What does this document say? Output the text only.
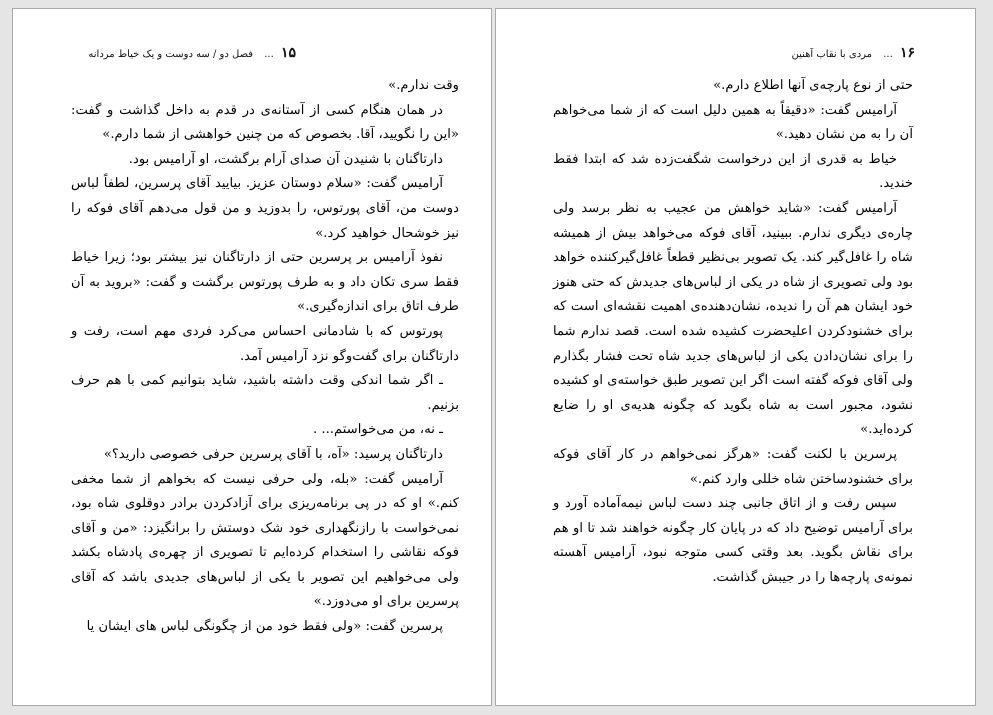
۱۵ ... فصل دو / سه دوست و یک خیاط مردانه

وقت ندارم.»

در همان هنگام کسی از آستانه‌ی در قدم به داخل گذاشت و گفت: «این را نگویید، آقا. بخصوص که من چنین خواهشی از شما دارم.»

دارتاگنان با شنیدن آن صدای آرام برگشت، او آرامیس بود.

آرامیس گفت: «سلام دوستان عزیز. بیایید آقای پرسرین، لطفاً لباس دوست من، آقای پورتوس، را بدوزید و من قول می‌دهم آقای فوکه را نیز خوشحال خواهید کرد.»

نفوذ آرامیس بر پرسرین حتی از دارتاگنان نیز بیشتر بود؛ زیرا خیاط فقط سری تکان داد و به طرف پورتوس برگشت و گفت: «بروید به آن طرف اتاق برای اندازه‌گیری.»

پورتوس که با شادمانی احساس می‌کرد فردی مهم است، رفت و دارتاگنان برای گفت‌وگو نزد آرامیس آمد.

ـ اگر شما اندکی وقت داشته باشید، شاید بتوانیم کمی با هم حرف بزنیم.

ـ نه، من می‌خواستم... .

دارتاگنان پرسید: «آه، با آقای پرسرین حرفی خصوصی دارید؟»

آرامیس گفت: «بله، ولی حرفی نیست که بخواهم از شما مخفی کنم.» او که در پی برنامه‌ریزی برای آزادکردن برادر دوقلوی شاه بود، نمی‌خواست با رازنگهداری خود شک دوستش را برانگیزد: «من و آقای فوکه نقاشی را استخدام کرده‌ایم تا تصویری از چهره‌ی پادشاه بکشد ولی می‌خواهیم این تصویر با یکی از لباس‌های جدیدی باشد که آقای پرسرین برای او می‌دوزد.»

پرسرین گفت: «ولی فقط خود من از چگونگی لباس های ایشان یا

۱۶ ... مردی با نقاب آهنین

حتی از نوع پارچه‌ی آنها اطلاع دارم.»

آرامیس گفت: «دقیقاً به همین دلیل است که از شما می‌خواهم آن را به من نشان دهید.»

خیاط به قدری از این درخواست شگفت‌زده شد که ابتدا فقط خندید.

آرامیس گفت: «شاید خواهش من عجیب به نظر برسد ولی چاره‌ی دیگری ندارم. ببینید، آقای فوکه می‌خواهد بیش از همیشه شاه را غافل‌گیر کند. یک تصویر بی‌نظیر قطعاً غافل‌گیرکننده خواهد بود ولی تصویری از شاه در یکی از لباس‌های جدیدش که حتی هنوز خود ایشان هم آن را ندیده، نشان‌دهنده‌ی اهمیت نقشه‌ای است که برای خشنودکردن اعلیحضرت کشیده شده است. قصد ندارم شما را برای نشان‌دادن یکی از لباس‌های جدید شاه تحت فشار بگذارم ولی آقای فوکه گفته است اگر این تصویر طبق خواسته‌ی او کشیده نشود، مجبور است به شاه بگوید که چگونه هدیه‌ی او را ضایع کرده‌اید.»

پرسرین با لکنت گفت: «هرگز نمی‌خواهم در کار آقای فوکه برای خشنودساختن شاه خللی وارد کنم.»

سپس رفت و از اتاق جانبی چند دست لباس نیمه‌آماده آورد و برای آرامیس توضیح داد که در پایان کار چگونه خواهند شد تا او هم برای نقاش بگوید. بعد وقتی کسی متوجه نبود، آرامیس آهسته نمونه‌ی پارچه‌ها را در جیبش گذاشت.
